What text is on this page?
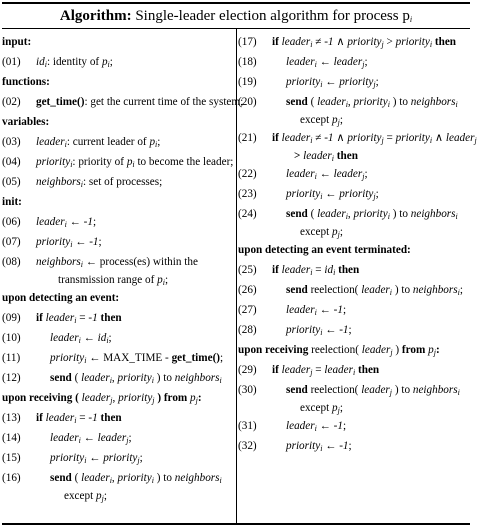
Algorithm: Single-leader election algorithm for process $p_i$
input:
(01) $id_i$: identity of $p_i$;
functions:
(02) get_time(): get the current time of the system;
variables:
(03) leader$_i$: current leader of $p_i$;
(04) priority$_i$: priority of $p_i$ to become the leader;
(05) neighbors$_i$: set of processes;
init:
(06) leader$_i$ ← -1;
(07) priority$_i$ ← -1;
(08) neighbors$_i$ ← process(es) within the
transmission range of $p_i$;
upon detecting an event:
(09) if leader$_i$ = -1 then
(10)	leader$_i$ ← $id_i$;
(11)	priority$_i$ ← MAX_TIME - get_time();
(12)	send ( leader$_i$, priority$_i$ ) to neighbors$_i$
upon receiving ( leader$_j$, priority$_j$ ) from $p_j$:
(13) if leader$_i$ = -1 then
(14)	leader$_i$ ← leader$_j$;
(15)	priority$_i$ ← priority$_j$;
(16)	send ( leader$_i$, priority$_i$ ) to neighbors$_i$
except $p_j$;
(17) if leader$_i$ ≠ -1 ∧ priority$_j$ > priority$_i$ then
(18)	leader$_i$ ← leader$_j$;
(19)	priority$_i$ ← priority$_j$;
(20)	send ( leader$_i$, priority$_i$ ) to neighbors$_i$
except $p_j$;
(21) if leader$_i$ ≠ -1 ∧ priority$_j$ = priority$_i$ ∧ leader$_j$
> leader$_i$ then
(22)	leader$_i$ ← leader$_j$;
(23)	priority$_i$ ← priority$_j$;
(24)	send ( leader$_i$, priority$_i$ ) to neighbors$_i$
except $p_j$;
upon detecting an event terminated:
(25) if leader$_i$ = $id_i$ then
(26)	send reelection( leader$_i$ ) to neighbors$_i$;
(27)	leader$_i$ ← -1;
(28)	priority$_i$ ← -1;
upon receiving reelection( leader$_j$ ) from $p_j$:
(29) if leader$_j$ = leader$_i$ then
(30)	send reelection( leader$_j$ ) to neighbors$_i$
except $p_j$;
(31)	leader$_i$ ← -1;
(32)	priority$_i$ ← -1;
